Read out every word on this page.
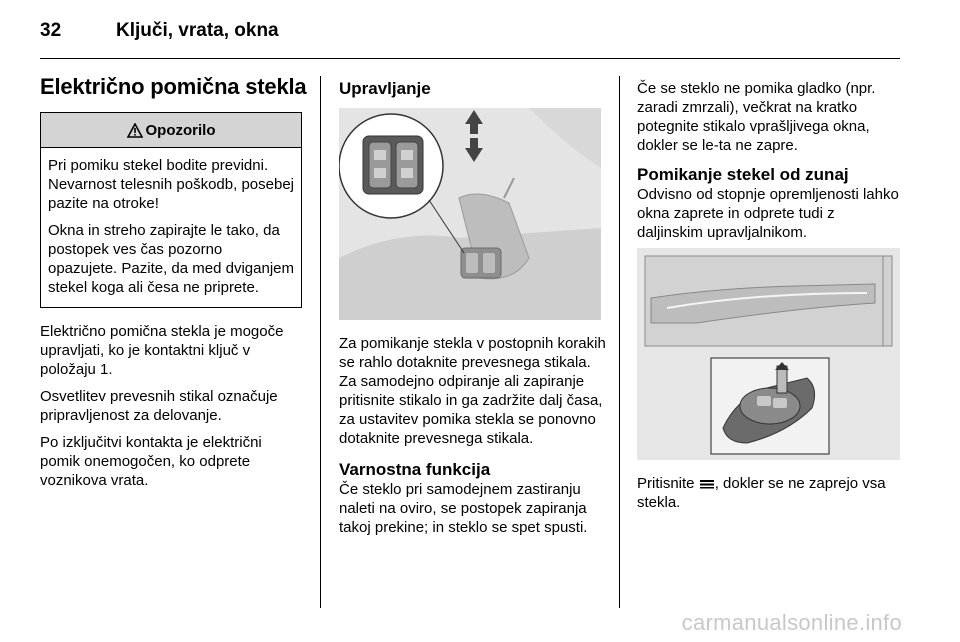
32	Ključi, vrata, okna
Električno pomična stekla
Opozorilo

Pri pomiku stekel bodite previdni. Nevarnost telesnih poškodb, posebej pazite na otroke!

Okna in streho zapirajte le tako, da postopek ves čas pozorno opazujete. Pazite, da med dviganjem stekel koga ali česa ne priprete.

Električno pomična stekla je mogoče upravljati, ko je kontaktni ključ v položaju 1.

Osvetlitev prevesnih stikal označuje pripravljenost za delovanje.

Po izključitvi kontakta je električni pomik onemogočen, ko odprete voznikova vrata.

Upravljanje

Za pomikanje stekla v postopnih korakih se rahlo dotaknite prevesnega stikala. Za samodejno odpiranje ali zapiranje pritisnite stikalo in ga zadržite dalj časa, za ustavitev pomika stekla se ponovno dotaknite prevesnega stikala.

Varnostna funkcija

Če steklo pri samodejnem zastiranju naleti na oviro, se postopek zapiranja takoj prekine; in steklo se spet spusti.

Če se steklo ne pomika gladko (npr. zaradi zmrzali), večkrat na kratko potegnite stikalo vprašljivega okna, dokler se le-ta ne zapre.

Pomikanje stekel od zunaj

Odvisno od stopnje opremljenosti lahko okna zaprete in odprete tudi z daljinskim upravljalnikom.

Pritisnite , dokler se ne zaprejo vsa stekla.

carmanualsonline.info
